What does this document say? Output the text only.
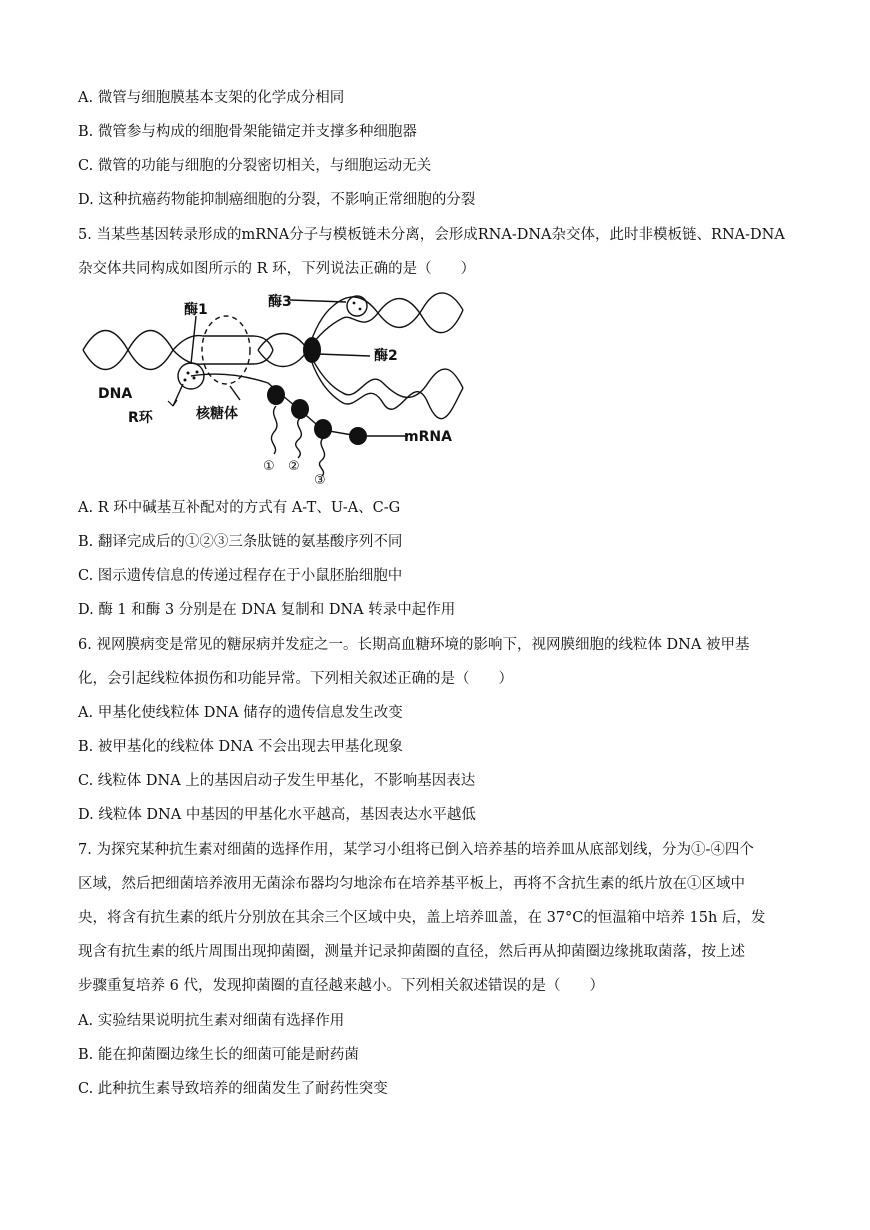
A. 微管与细胞膜基本支架的化学成分相同
B. 微管参与构成的细胞骨架能锚定并支撑多种细胞器
C. 微管的功能与细胞的分裂密切相关，与细胞运动无关
D. 这种抗癌药物能抑制癌细胞的分裂，不影响正常细胞的分裂
5. 当某些基因转录形成的mRNA分子与模板链未分离，会形成RNA-DNA杂交体，此时非模板链、RNA-DNA
杂交体共同构成如图所示的 R 环，下列说法正确的是（　　）
酶1	酶3
酶2
DNA
R环	核糖体
mRNA
① ②
③
A. R 环中碱基互补配对的方式有 A-T、U-A、C-G
B. 翻译完成后的①②③三条肽链的氨基酸序列不同
C. 图示遗传信息的传递过程存在于小鼠胚胎细胞中
D. 酶 1 和酶 3 分别是在 DNA 复制和 DNA 转录中起作用
6. 视网膜病变是常见的糖尿病并发症之一。长期高血糖环境的影响下，视网膜细胞的线粒体 DNA 被甲基
化，会引起线粒体损伤和功能异常。下列相关叙述正确的是（　　）
A. 甲基化使线粒体 DNA 储存的遗传信息发生改变
B. 被甲基化的线粒体 DNA 不会出现去甲基化现象
C. 线粒体 DNA 上的基因启动子发生甲基化，不影响基因表达
D. 线粒体 DNA 中基因的甲基化水平越高，基因表达水平越低
7. 为探究某种抗生素对细菌的选择作用，某学习小组将已倒入培养基的培养皿从底部划线，分为①-④四个
区域，然后把细菌培养液用无菌涂布器均匀地涂布在培养基平板上，再将不含抗生素的纸片放在①区域中
央，将含有抗生素的纸片分别放在其余三个区域中央，盖上培养皿盖，在 37°C的恒温箱中培养 15h 后，发
现含有抗生素的纸片周围出现抑菌圈，测量并记录抑菌圈的直径，然后再从抑菌圈边缘挑取菌落，按上述
步骤重复培养 6 代，发现抑菌圈的直径越来越小。下列相关叙述错误的是（　　）
A. 实验结果说明抗生素对细菌有选择作用
B. 能在抑菌圈边缘生长的细菌可能是耐药菌
C. 此种抗生素导致培养的细菌发生了耐药性突变
